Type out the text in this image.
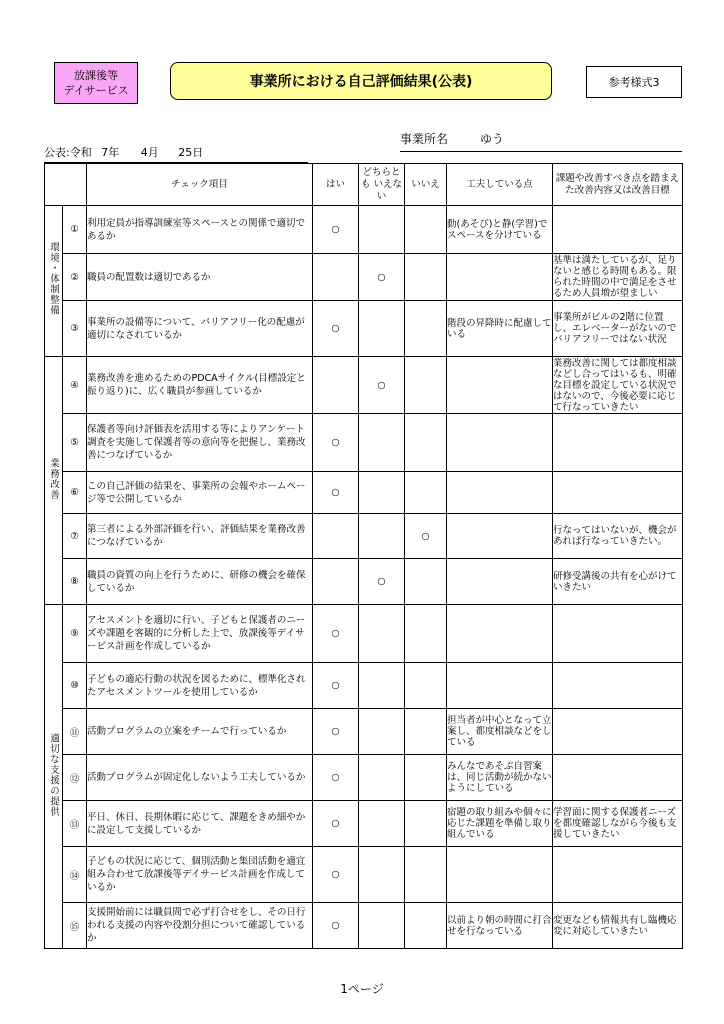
放課後等
デイサービス
事業所における自己評価結果(公表)	参考様式3
公表:令和 7年 4月 25日
事業所名	ゆう
		チェック項目	はい	どちらとも いえない	いいえ	工夫している点	課題や改善すべき点を踏まえた改善内容又は改善目標
環境・体制整備	①	利用定員が指導訓練室等スペースとの関係で適切であるか	○			動(あそび)と静(学習)でスペースを分けている	
	②	職員の配置数は適切であるか		○			基準は満たしているが、足りないと感じる時間もある。限られた時間の中で満足をさせるため人員増が望ましい
	③	事業所の設備等について、バリアフリー化の配慮が適切になされているか	○			階段の昇降時に配慮している	事業所がビルの2階に位置し、エレベーターがないのでバリアフリーではない状況
業務改善	④	業務改善を進めるためのPDCAサイクル(目標設定と振り返り)に、広く職員が参画しているか		○			業務改善に関しては都度相談などし合ってはいるも、明確な目標を設定している状況ではないので、今後必要に応じて行なっていきたい
	⑤	保護者等向け評価表を活用する等によりアンケート調査を実施して保護者等の意向等を把握し、業務改善につなげているか	○				
	⑥	この自己評価の結果を、事業所の会報やホームページ等で公開しているか	○				
	⑦	第三者による外部評価を行い、評価結果を業務改善につなげているか			○		行なってはいないが、機会があれば行なっていきたい。
	⑧	職員の資質の向上を行うために、研修の機会を確保しているか		○			研修受講後の共有を心がけていきたい
適切な支援の提供	⑨	アセスメントを適切に行い、子どもと保護者のニーズや課題を客観的に分析した上で、放課後等デイサービス計画を作成しているか	○				
	⑩	子どもの適応行動の状況を図るために、標準化されたアセスメントツールを使用しているか	○				
	⑪	活動プログラムの立案をチームで行っているか	○			担当者が中心となって立案し、都度相談などをしている	
	⑫	活動プログラムが固定化しないよう工夫しているか	○			みんなであそぶ自習案は、同じ活動が続かないようにしている	
	⑬	平日、休日、長期休暇に応じて、課題をきめ細やかに設定して支援しているか	○			宿題の取り組みや個々に応じた課題を準備し取り組んでいる	学習面に関する保護者ニーズを都度確認しながら今後も支援していきたい
	⑭	子どもの状況に応じて、個別活動と集団活動を適宜組み合わせて放課後等デイサービス計画を作成しているか	○				
	⑮	支援開始前には職員間で必ず打合せをし、その日行われる支援の内容や役割分担について確認しているか	○			以前より朝の時間に打合せを行なっている	変更なども情報共有し臨機応変に対応していきたい
1ページ
